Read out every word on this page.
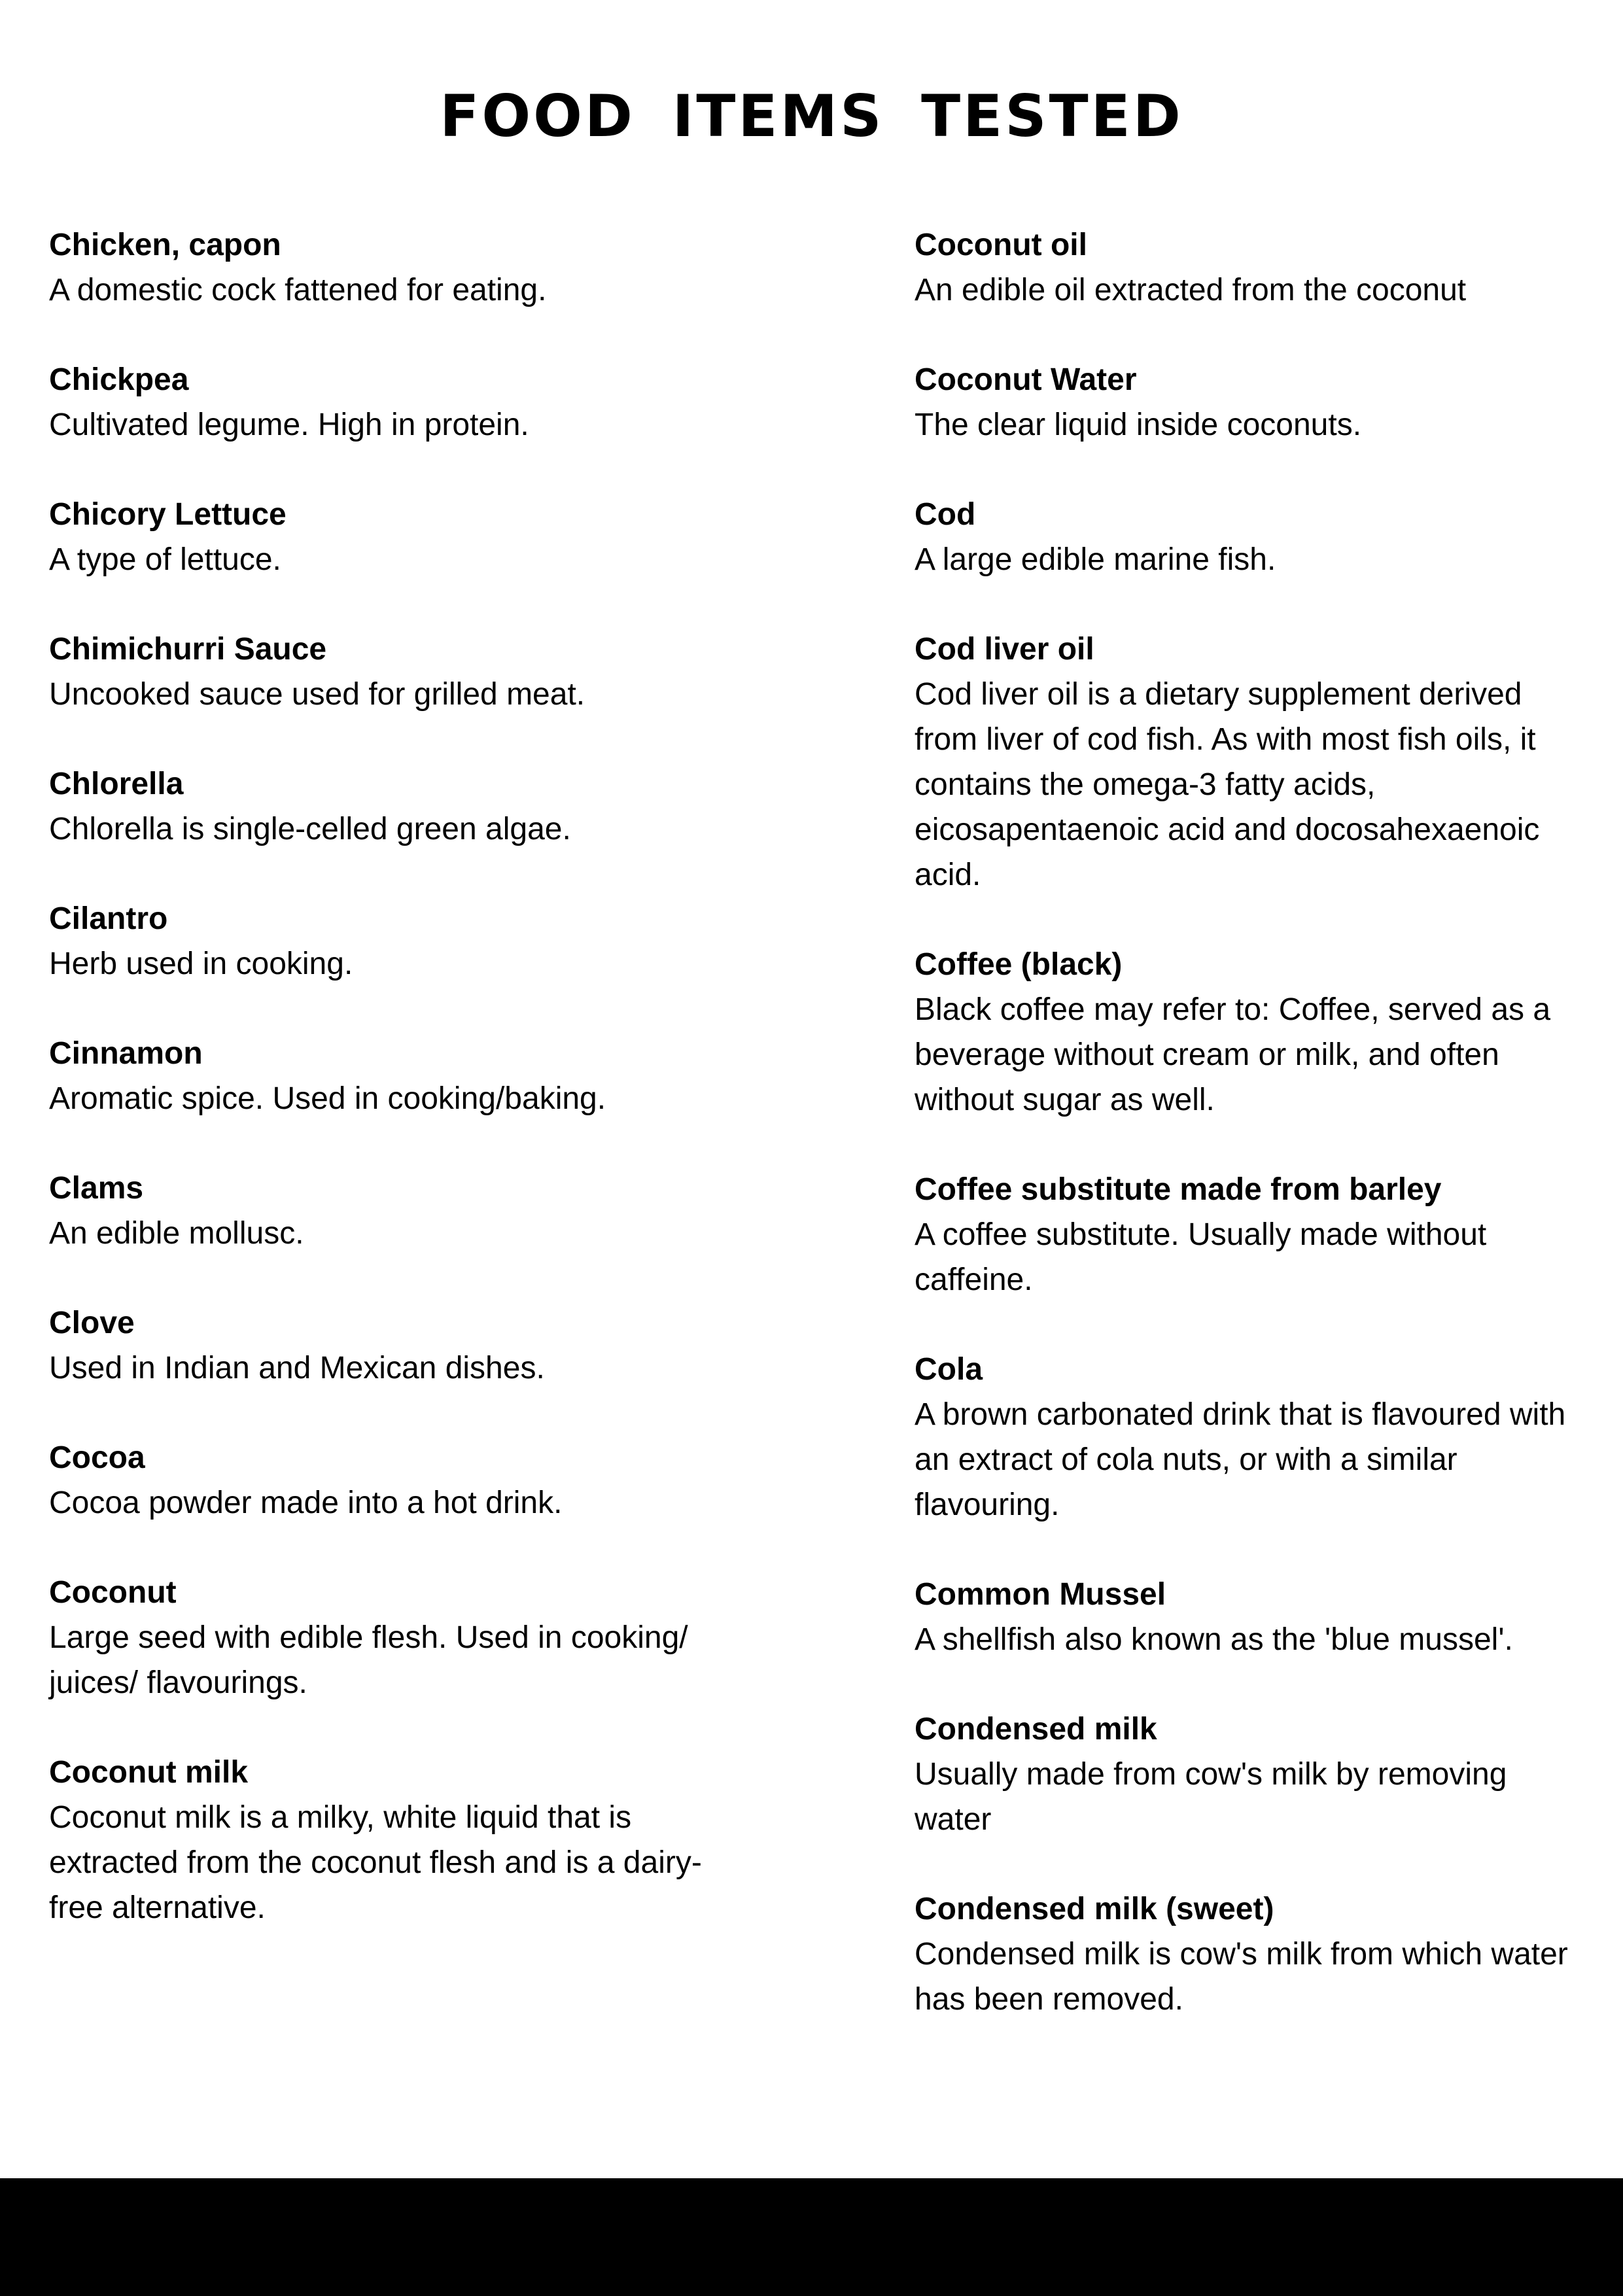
FOOD ITEMS TESTED

Chicken, capon

A domestic cock fattened for eating.

Chickpea

Cultivated legume. High in protein.

Chicory Lettuce

A type of lettuce.

Chimichurri Sauce

Uncooked sauce used for grilled meat.

Chlorella

Chlorella is single-celled green algae.

Cilantro

Herb used in cooking.

Cinnamon

Aromatic spice. Used in cooking/baking.

Clams

An edible mollusc.

Clove

Used in Indian and Mexican dishes.

Cocoa

Cocoa powder made into a hot drink.

Coconut

Large seed with edible flesh. Used in cooking/ juices/ flavourings.

Coconut milk

Coconut milk is a milky, white liquid that is extracted from the coconut flesh and is a dairy-free alternative.

Coconut oil

An edible oil extracted from the coconut

Coconut Water

The clear liquid inside coconuts.

Cod

A large edible marine fish.

Cod liver oil

Cod liver oil is a dietary supplement derived from liver of cod fish. As with most fish oils, it contains the omega-3 fatty acids, eicosapentaenoic acid and docosahexaenoic acid.

Coffee (black)

Black coffee may refer to: Coffee, served as a beverage without cream or milk, and often without sugar as well.

Coffee substitute made from barley

A coffee substitute. Usually made without caffeine.

Cola

A brown carbonated drink that is flavoured with an extract of cola nuts, or with a similar flavouring.

Common Mussel

A shellfish also known as the 'blue mussel'.

Condensed milk

Usually made from cow's milk by removing water

Condensed milk (sweet)

Condensed milk is cow's milk from which water has been removed.
